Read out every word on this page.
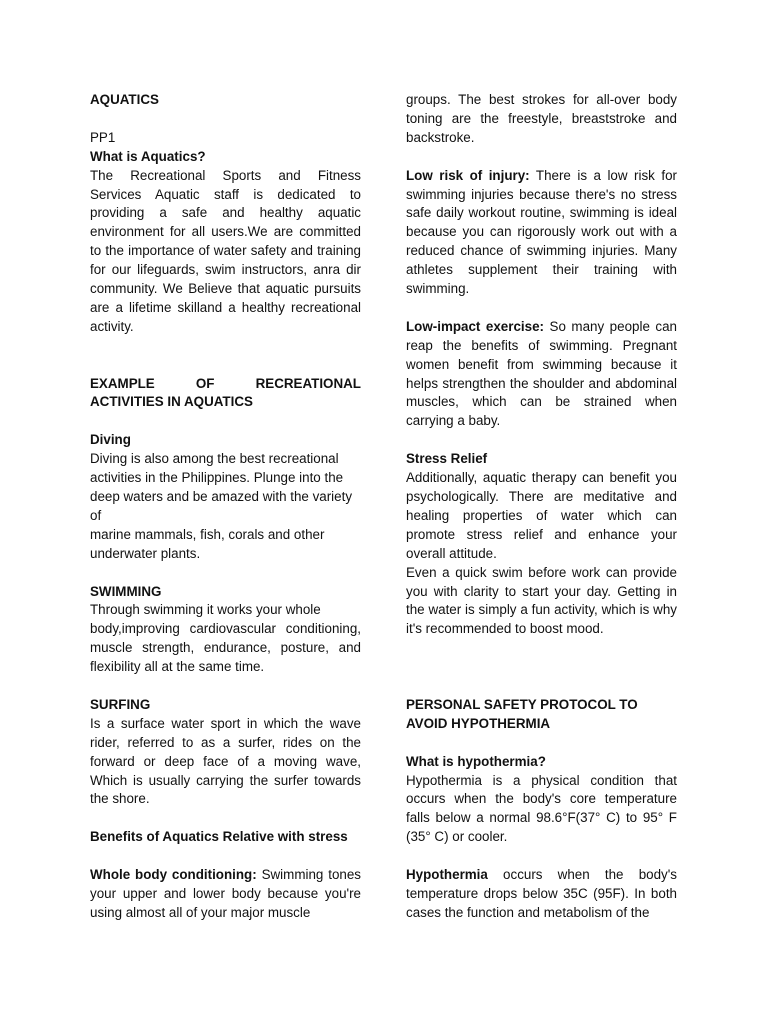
AQUATICS

PP1

What is Aquatics?

The Recreational Sports and Fitness Services Aquatic staff is dedicated to providing a safe and healthy aquatic environment for all users.We are committed to the importance of water safety and training for our lifeguards, swim instructors, anra dir community. We Believe that aquatic pursuits are a lifetime skilland a healthy recreational activity.

EXAMPLE	OF	RECREATIONAL

ACTIVITIES IN AQUATICS

Diving

Diving is also among the best recreational

activities in the Philippines. Plunge into the

deep waters and be amazed with the variety

of

marine mammals, fish, corals and other

underwater plants.

SWIMMING

Through swimming it works your whole

body,improving cardiovascular conditioning, muscle strength, endurance, posture, and flexibility all at the same time.

SURFING

Is a surface water sport in which the wave rider, referred to as a surfer, rides on the forward or deep face of a moving wave, Which is usually carrying the surfer towards the shore.

Benefits of Aquatics Relative with stress

Whole body conditioning: Swimming tones your upper and lower body because you're using almost all of your major muscle

groups. The best strokes for all-over body toning are the freestyle, breaststroke and backstroke.

Low risk of injury: There is a low risk for swimming injuries because there's no stress safe daily workout routine, swimming is ideal because you can rigorously work out with a reduced chance of swimming injuries. Many athletes supplement their training with swimming.

Low-impact exercise: So many people can reap the benefits of swimming. Pregnant women benefit from swimming because it helps strengthen the shoulder and abdominal muscles, which can be strained when carrying a baby.

Stress Relief

Additionally, aquatic therapy can benefit you psychologically. There are meditative and healing properties of water which can promote stress relief and enhance your overall attitude.

Even a quick swim before work can provide you with clarity to start your day. Getting in the water is simply a fun activity, which is why it's recommended to boost mood.

PERSONAL SAFETY PROTOCOL TO

AVOID HYPOTHERMIA

What is hypothermia?

Hypothermia is a physical condition that occurs when the body's core temperature falls below a normal 98.6°F(37° C) to 95° F (35° C) or cooler.

Hypothermia occurs when the body's temperature drops below 35C (95F). In both cases the function and metabolism of the
